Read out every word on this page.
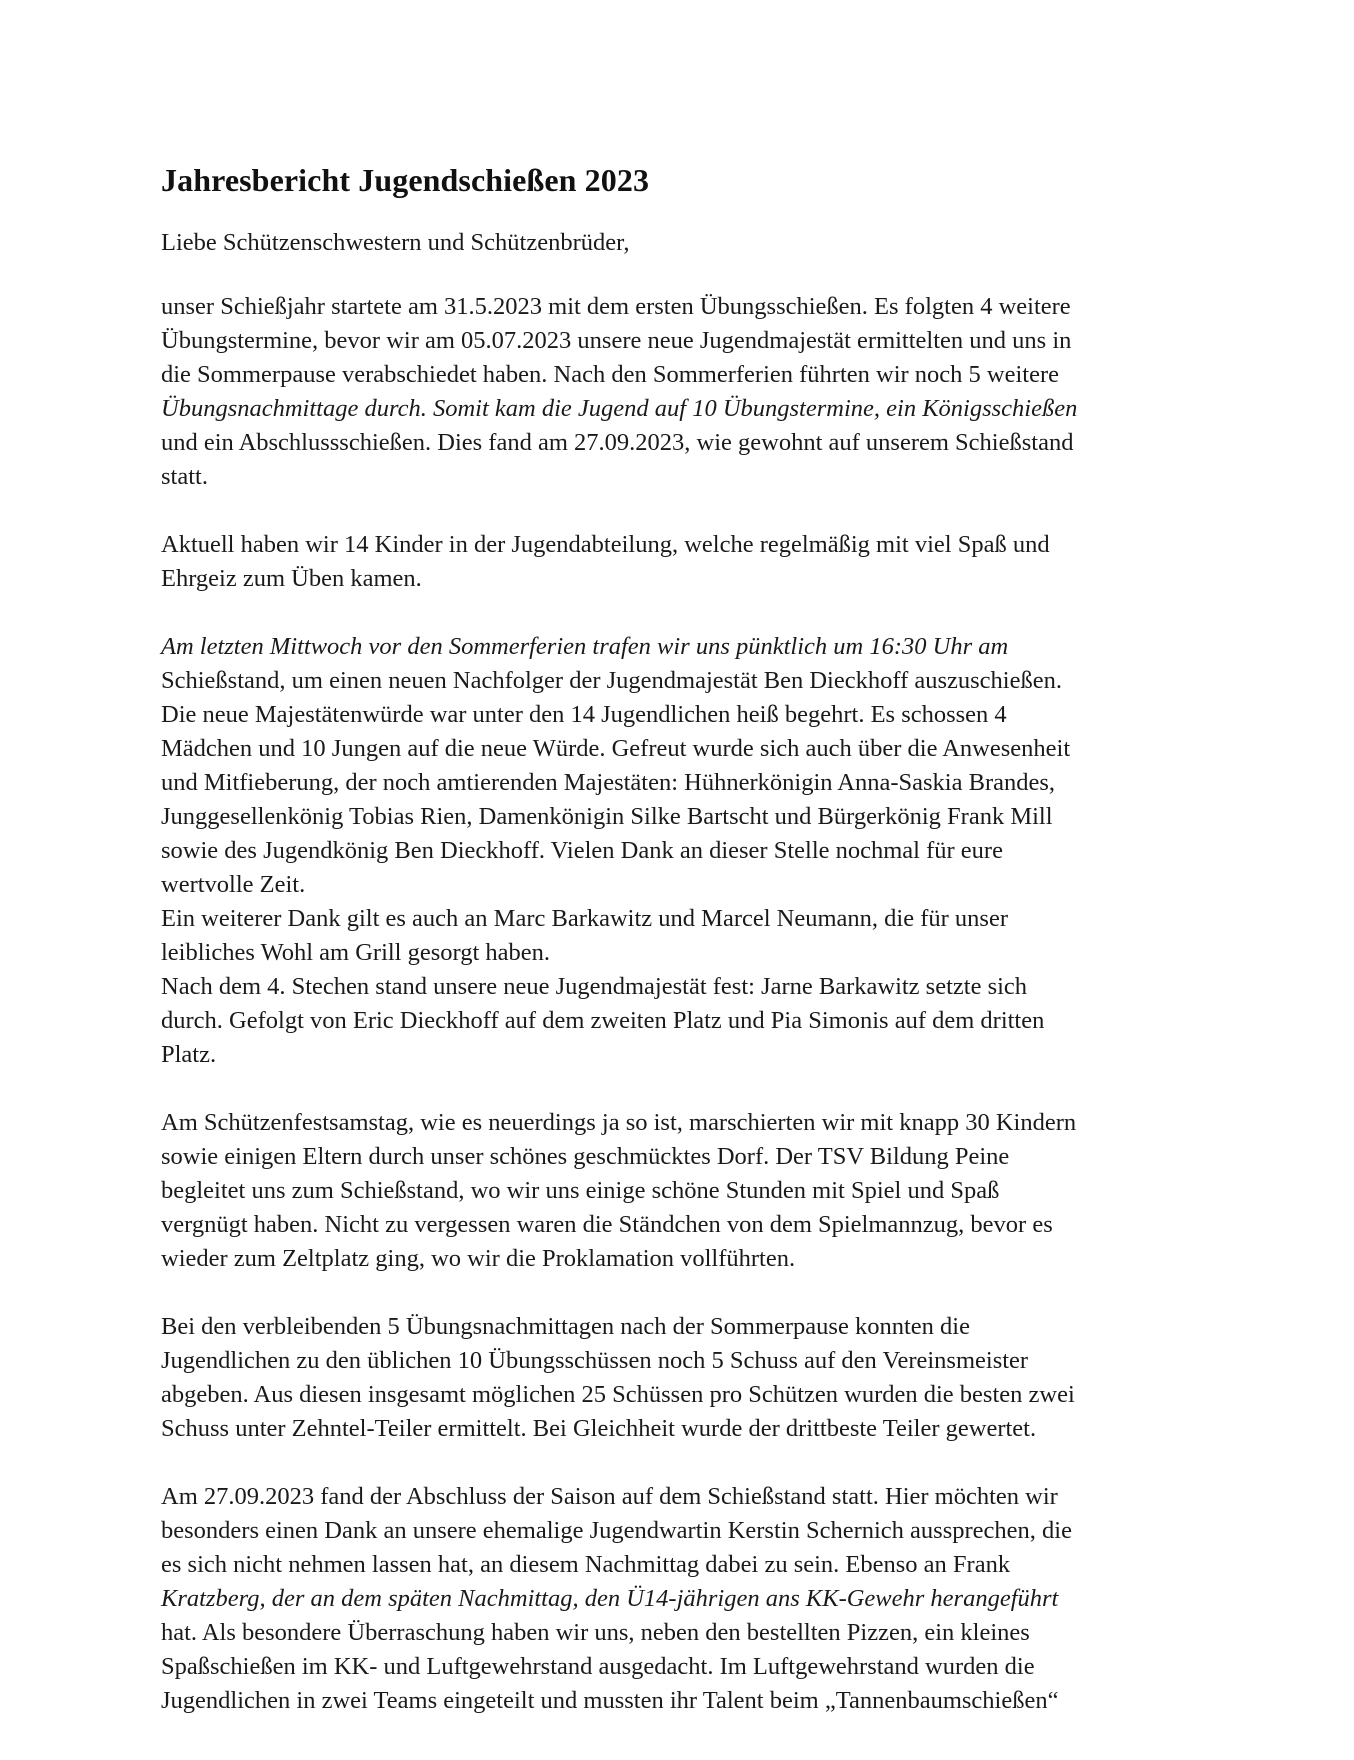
Jahresbericht Jugendschießen 2023

Liebe Schützenschwestern und Schützenbrüder,

unser Schießjahr startete am 31.5.2023 mit dem ersten Übungsschießen. Es folgten 4 weitere
Übungstermine, bevor wir am 05.07.2023 unsere neue Jugendmajestät ermittelten und uns in
die Sommerpause verabschiedet haben. Nach den Sommerferien führten wir noch 5 weitere
Übungsnachmittage durch. Somit kam die Jugend auf 10 Übungstermine, ein Königsschießen
und ein Abschlussschießen. Dies fand am 27.09.2023, wie gewohnt auf unserem Schießstand
statt.

Aktuell haben wir 14 Kinder in der Jugendabteilung, welche regelmäßig mit viel Spaß und
Ehrgeiz zum Üben kamen.

Am letzten Mittwoch vor den Sommerferien trafen wir uns pünktlich um 16:30 Uhr am
Schießstand, um einen neuen Nachfolger der Jugendmajestät Ben Dieckhoff auszuschießen.
Die neue Majestätenwürde war unter den 14 Jugendlichen heiß begehrt. Es schossen 4
Mädchen und 10 Jungen auf die neue Würde. Gefreut wurde sich auch über die Anwesenheit
und Mitfieberung, der noch amtierenden Majestäten: Hühnerkönigin Anna-Saskia Brandes,
Junggesellenkönig Tobias Rien, Damenkönigin Silke Bartscht und Bürgerkönig Frank Mill
sowie des Jugendkönig Ben Dieckhoff. Vielen Dank an dieser Stelle nochmal für eure
wertvolle Zeit.
Ein weiterer Dank gilt es auch an Marc Barkawitz und Marcel Neumann, die für unser
leibliches Wohl am Grill gesorgt haben.
Nach dem 4. Stechen stand unsere neue Jugendmajestät fest: Jarne Barkawitz setzte sich
durch. Gefolgt von Eric Dieckhoff auf dem zweiten Platz und Pia Simonis auf dem dritten
Platz.

Am Schützenfestsamstag, wie es neuerdings ja so ist, marschierten wir mit knapp 30 Kindern
sowie einigen Eltern durch unser schönes geschmücktes Dorf. Der TSV Bildung Peine
begleitet uns zum Schießstand, wo wir uns einige schöne Stunden mit Spiel und Spaß
vergnügt haben. Nicht zu vergessen waren die Ständchen von dem Spielmannzug, bevor es
wieder zum Zeltplatz ging, wo wir die Proklamation vollführten.

Bei den verbleibenden 5 Übungsnachmittagen nach der Sommerpause konnten die
Jugendlichen zu den üblichen 10 Übungsschüssen noch 5 Schuss auf den Vereinsmeister
abgeben. Aus diesen insgesamt möglichen 25 Schüssen pro Schützen wurden die besten zwei
Schuss unter Zehntel-Teiler ermittelt. Bei Gleichheit wurde der drittbeste Teiler gewertet.

Am 27.09.2023 fand der Abschluss der Saison auf dem Schießstand statt. Hier möchten wir
besonders einen Dank an unsere ehemalige Jugendwartin Kerstin Schernich aussprechen, die
es sich nicht nehmen lassen hat, an diesem Nachmittag dabei zu sein. Ebenso an Frank
Kratzberg, der an dem späten Nachmittag, den Ü14-jährigen ans KK-Gewehr herangeführt
hat. Als besondere Überraschung haben wir uns, neben den bestellten Pizzen, ein kleines
Spaßschießen im KK- und Luftgewehrstand ausgedacht. Im Luftgewehrstand wurden die
Jugendlichen in zwei Teams eingeteilt und mussten ihr Talent beim „Tannenbaumschießen“
